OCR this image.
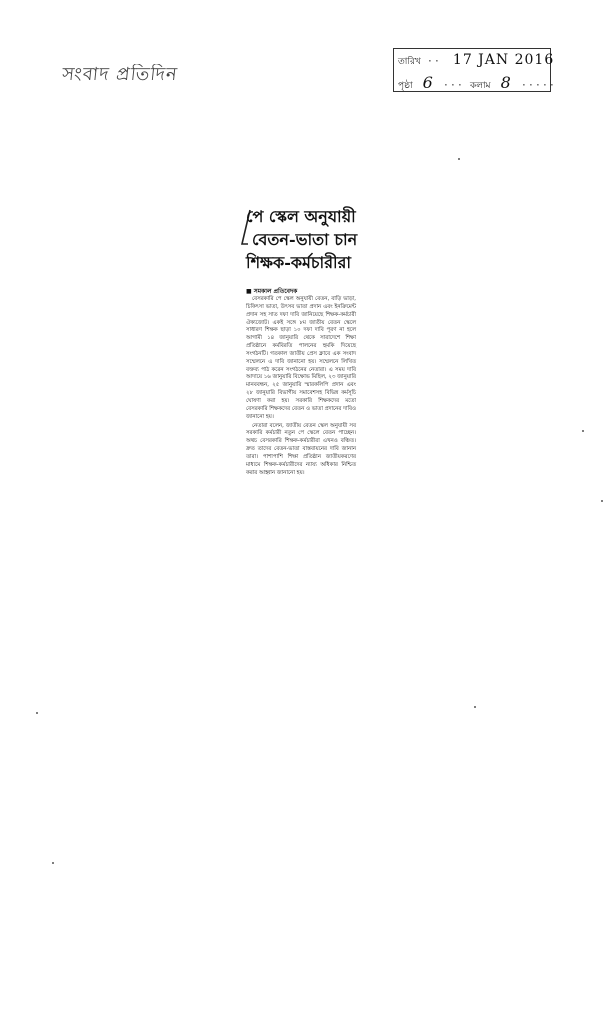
সংবাদ প্রতিদিন
তারিখ ·· 17 JAN 2016
পৃষ্ঠা 6 ··· কলাম 8 ·····
পে স্কেল অনুযায়ী
বেতন-ভাতা চান
শিক্ষক-কর্মচারীরা
■ সমকাল প্রতিবেদক

বেসরকারি পে স্কেল অনুযায়ী বেতন, বাড়ি ভাড়া, চিকিৎসা ভাতা, উৎসব ভাতা প্রদান এবং ইনক্রিমেন্ট প্রদান সহ সাত দফা দাবি জানিয়েছে শিক্ষক-কর্মচারী ঐক্যজোট। একই সঙ্গে ৮ম জাতীয় বেতন স্কেলে সাধারণ শিক্ষক ছাড়া ১০ দফা দাবি পূরণ না হলে আগামী ১৪ জানুয়ারি থেকে সারাদেশে শিক্ষা প্রতিষ্ঠানে কর্মবিরতি পালনের হুমকি দিয়েছে সংগঠনটি। গতকাল জাতীয় প্রেস ক্লাবে এক সংবাদ সম্মেলনে এ দাবি জানানো হয়। সম্মেলনে লিখিত বক্তব্য পাঠ করেন সংগঠনের নেতারা। এ সময় দাবি আদায়ে ১৬ জানুয়ারি বিক্ষোভ মিছিল, ২৩ জানুয়ারি মানববন্ধন, ২৫ জানুয়ারি স্মারকলিপি প্রদান এবং ২৮ জানুয়ারি বিভাগীয় সমাবেশসহ বিভিন্ন কর্মসূচি ঘোষণা করা হয়। সরকারি শিক্ষকদের মতো বেসরকারি শিক্ষকদের বেতন ও ভাতা প্রদানের দাবিও জানানো হয়।

নেতারা বলেন, জাতীয় বেতন স্কেল অনুযায়ী সব সরকারি কর্মচারী নতুন পে স্কেলে বেতন পাচ্ছেন। অথচ বেসরকারি শিক্ষক-কর্মচারীরা এখনও বঞ্চিত। দ্রুত তাদের বেতন-ভাতা বাস্তবায়নের দাবি জানান তারা। পাশাপাশি শিক্ষা প্রতিষ্ঠান জাতীয়করণের মাধ্যমে শিক্ষক-কর্মচারীদের ন্যায্য অধিকার নিশ্চিত করার আহ্বান জানানো হয়।
